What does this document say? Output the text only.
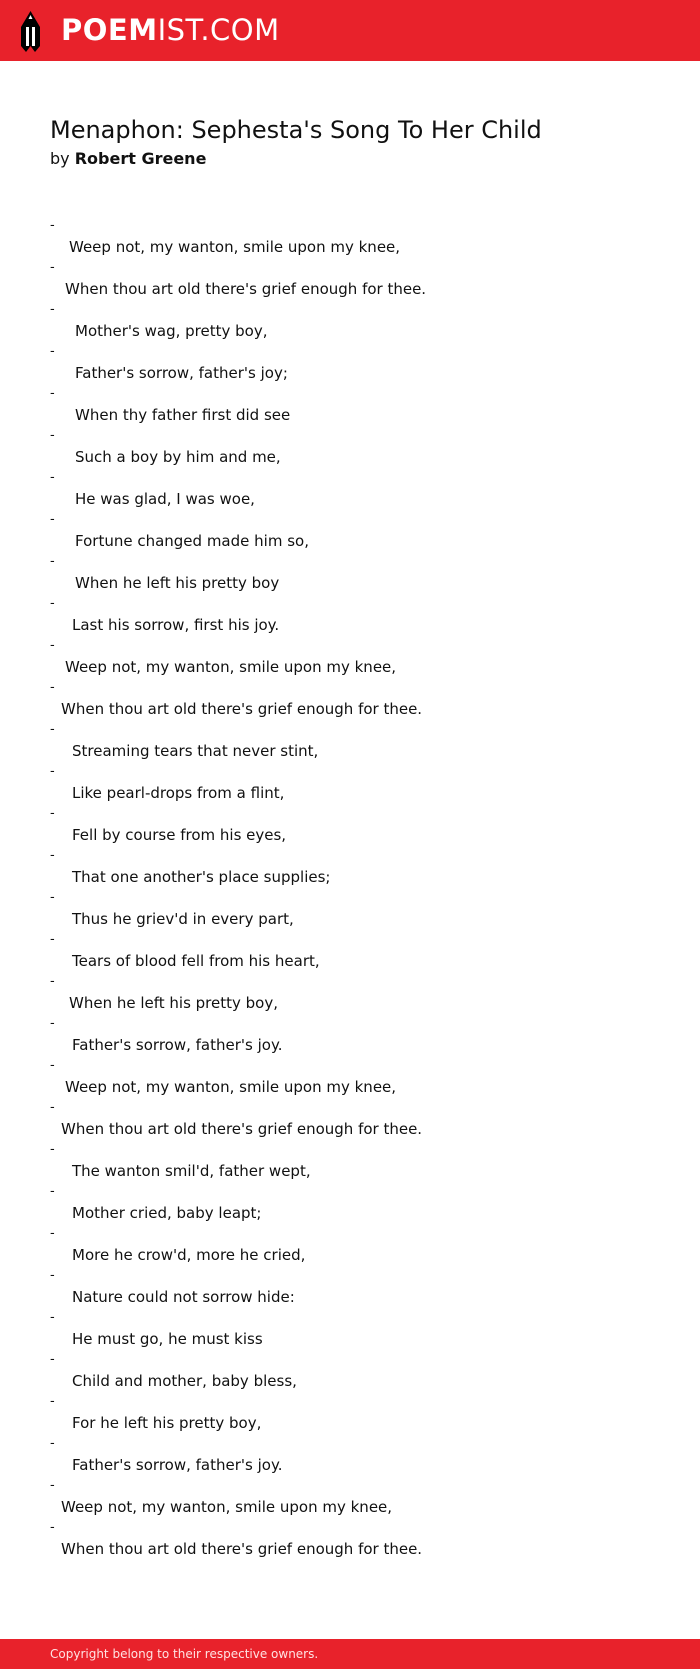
POEMIST.COM
Menaphon: Sephesta's Song To Her Child
by Robert Greene
-
Weep not, my wanton, smile upon my knee,
-
When thou art old there's grief enough for thee.
-
Mother's wag, pretty boy,
-
Father's sorrow, father's joy;
-
When thy father first did see
-
Such a boy by him and me,
-
He was glad, I was woe,
-
Fortune changed made him so,
-
When he left his pretty boy
-
Last his sorrow, first his joy.
-
Weep not, my wanton, smile upon my knee,
-
When thou art old there's grief enough for thee.
-
Streaming tears that never stint,
-
Like pearl-drops from a flint,
-
Fell by course from his eyes,
-
That one another's place supplies;
-
Thus he griev'd in every part,
-
Tears of blood fell from his heart,
-
When he left his pretty boy,
-
Father's sorrow, father's joy.
-
Weep not, my wanton, smile upon my knee,
-
When thou art old there's grief enough for thee.
-
The wanton smil'd, father wept,
-
Mother cried, baby leapt;
-
More he crow'd, more he cried,
-
Nature could not sorrow hide:
-
He must go, he must kiss
-
Child and mother, baby bless,
-
For he left his pretty boy,
-
Father's sorrow, father's joy.
-
Weep not, my wanton, smile upon my knee,
-
When thou art old there's grief enough for thee.
Copyright belong to their respective owners.
